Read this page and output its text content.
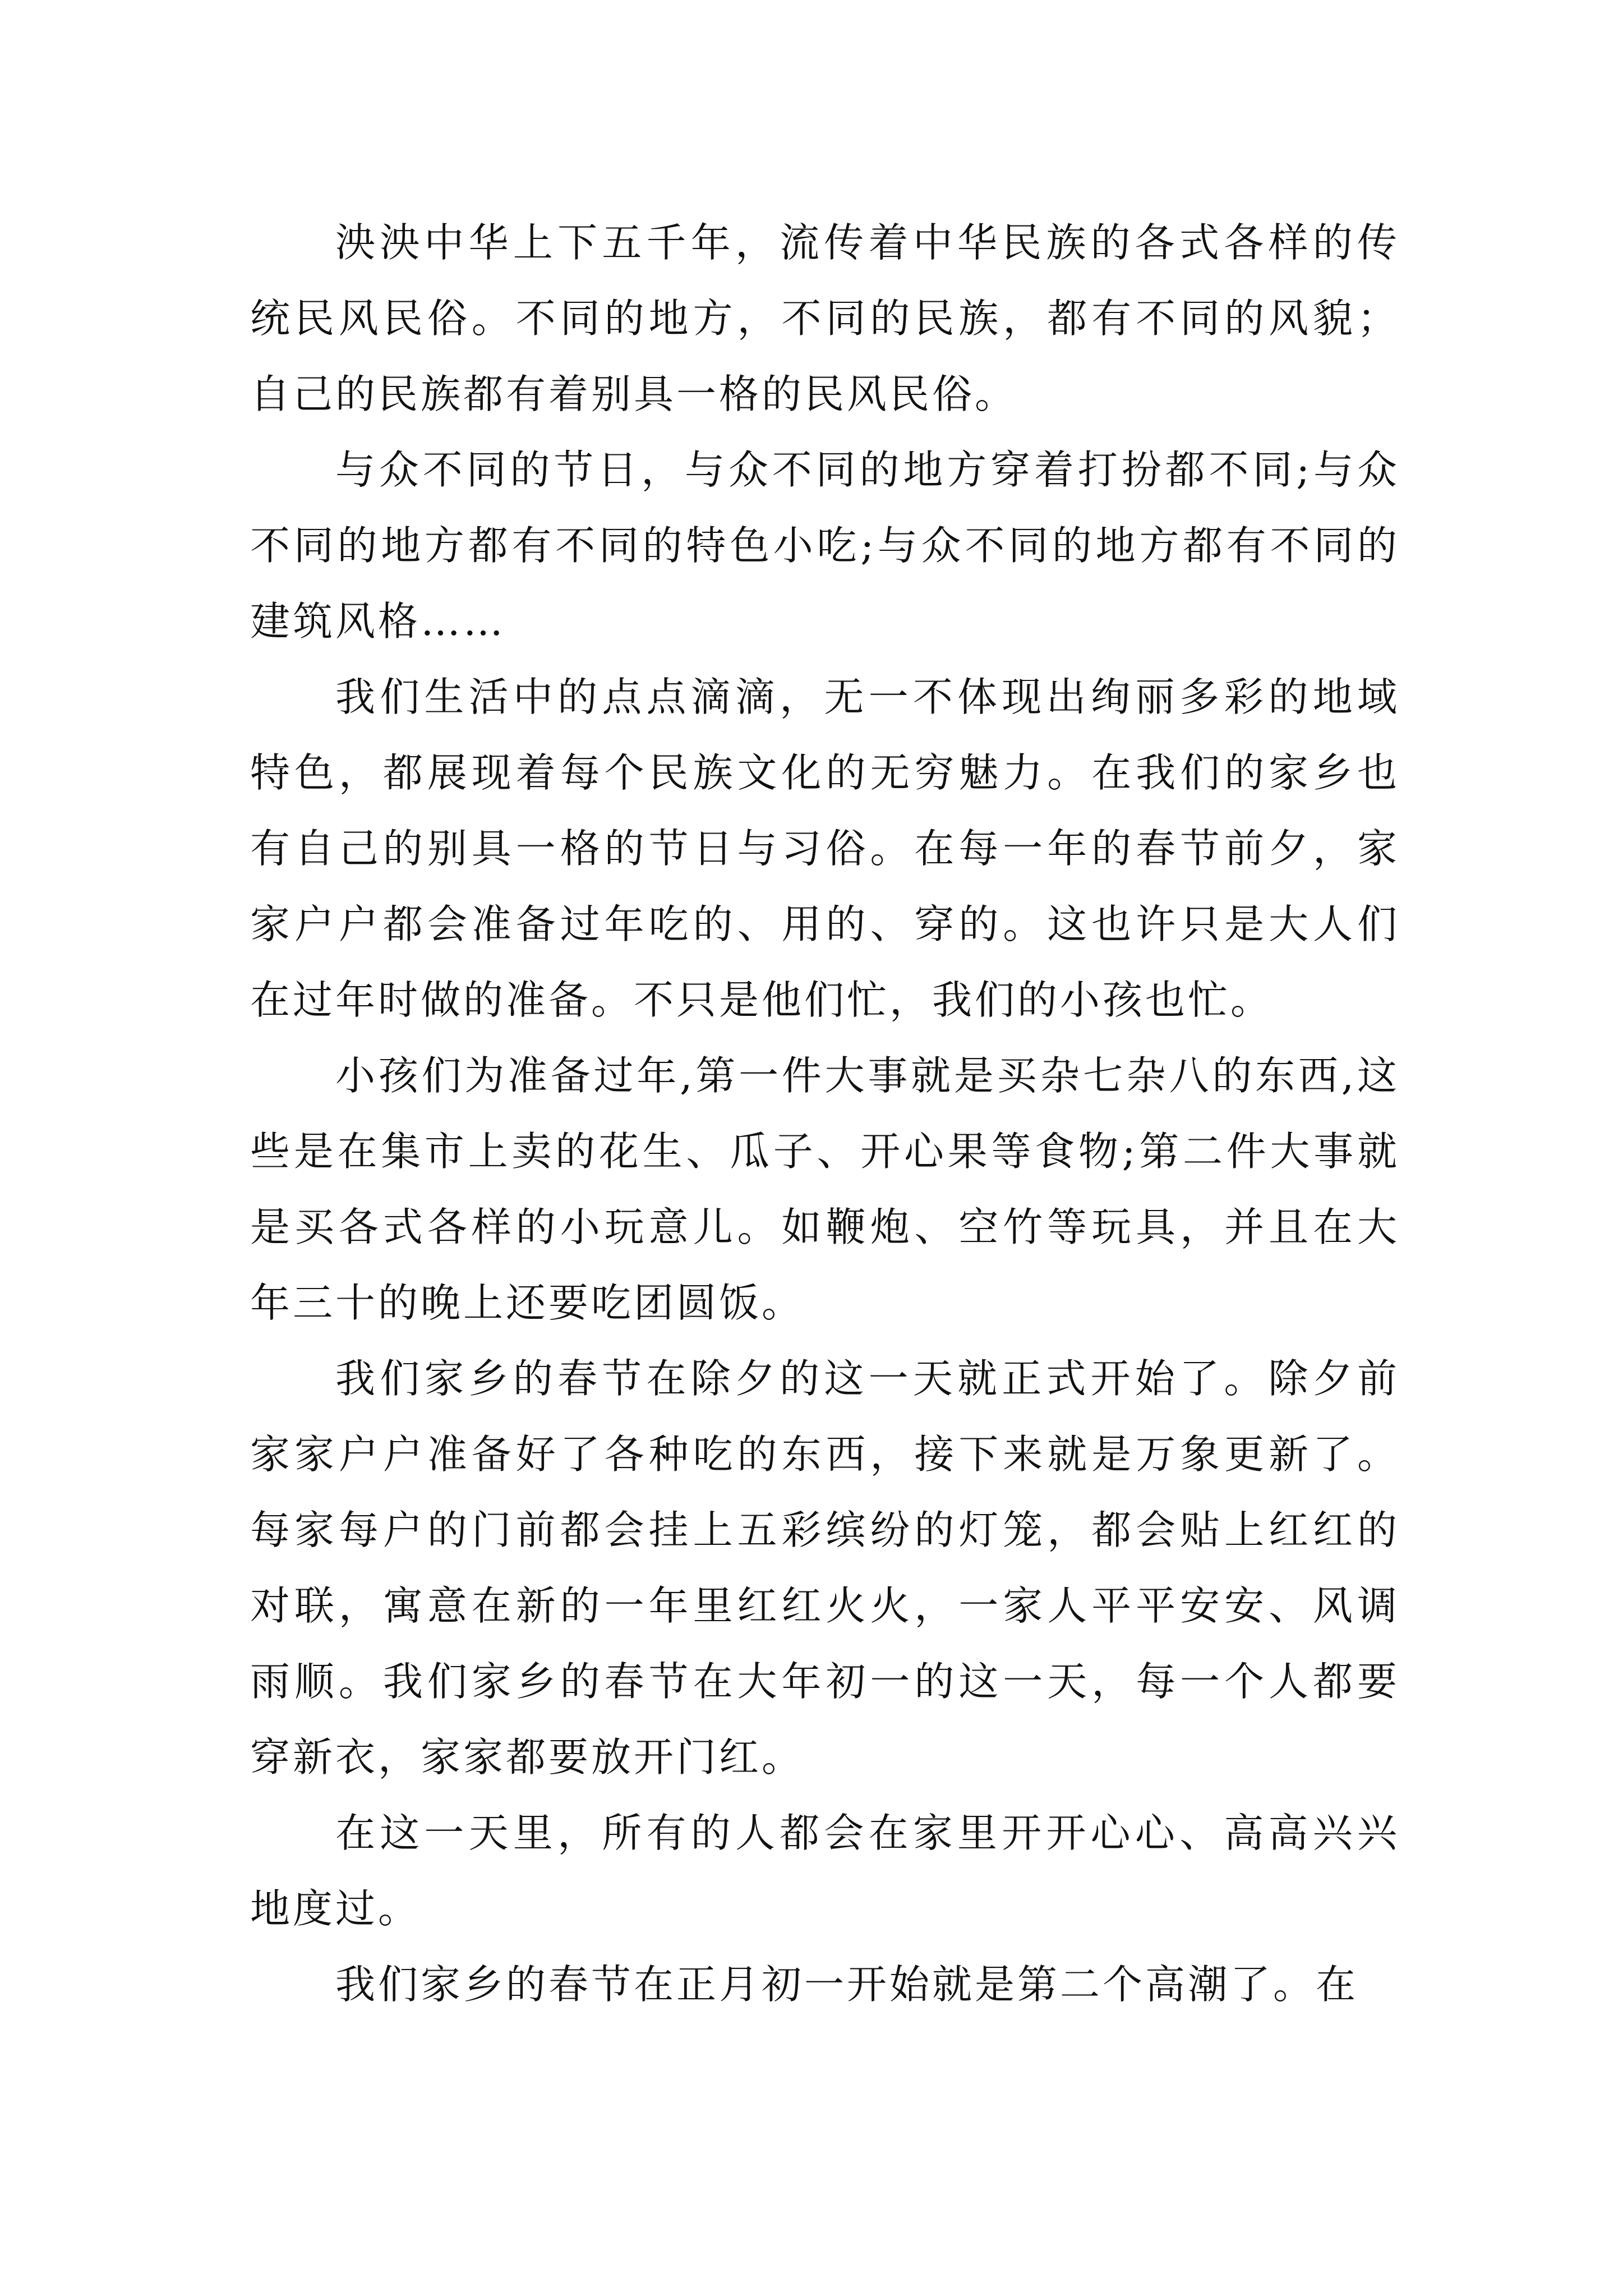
泱泱中华上下五千年，流传着中华民族的各式各样的传统民风民俗。不同的地方，不同的民族，都有不同的风貌；自己的民族都有着别具一格的民风民俗。

与众不同的节日，与众不同的地方穿着打扮都不同;与众不同的地方都有不同的特色小吃;与众不同的地方都有不同的建筑风格……

我们生活中的点点滴滴，无一不体现出绚丽多彩的地域特色，都展现着每个民族文化的无穷魅力。在我们的家乡也有自己的别具一格的节日与习俗。在每一年的春节前夕，家家户户都会准备过年吃的、用的、穿的。这也许只是大人们在过年时做的准备。不只是他们忙，我们的小孩也忙。

小孩们为准备过年,第一件大事就是买杂七杂八的东西,这些是在集市上卖的花生、瓜子、开心果等食物;第二件大事就是买各式各样的小玩意儿。如鞭炮、空竹等玩具，并且在大年三十的晚上还要吃团圆饭。

我们家乡的春节在除夕的这一天就正式开始了。除夕前家家户户准备好了各种吃的东西，接下来就是万象更新了。每家每户的门前都会挂上五彩缤纷的灯笼，都会贴上红红的对联，寓意在新的一年里红红火火，一家人平平安安、风调雨顺。我们家乡的春节在大年初一的这一天，每一个人都要穿新衣，家家都要放开门红。

在这一天里，所有的人都会在家里开开心心、高高兴兴地度过。

我们家乡的春节在正月初一开始就是第二个高潮了。在
